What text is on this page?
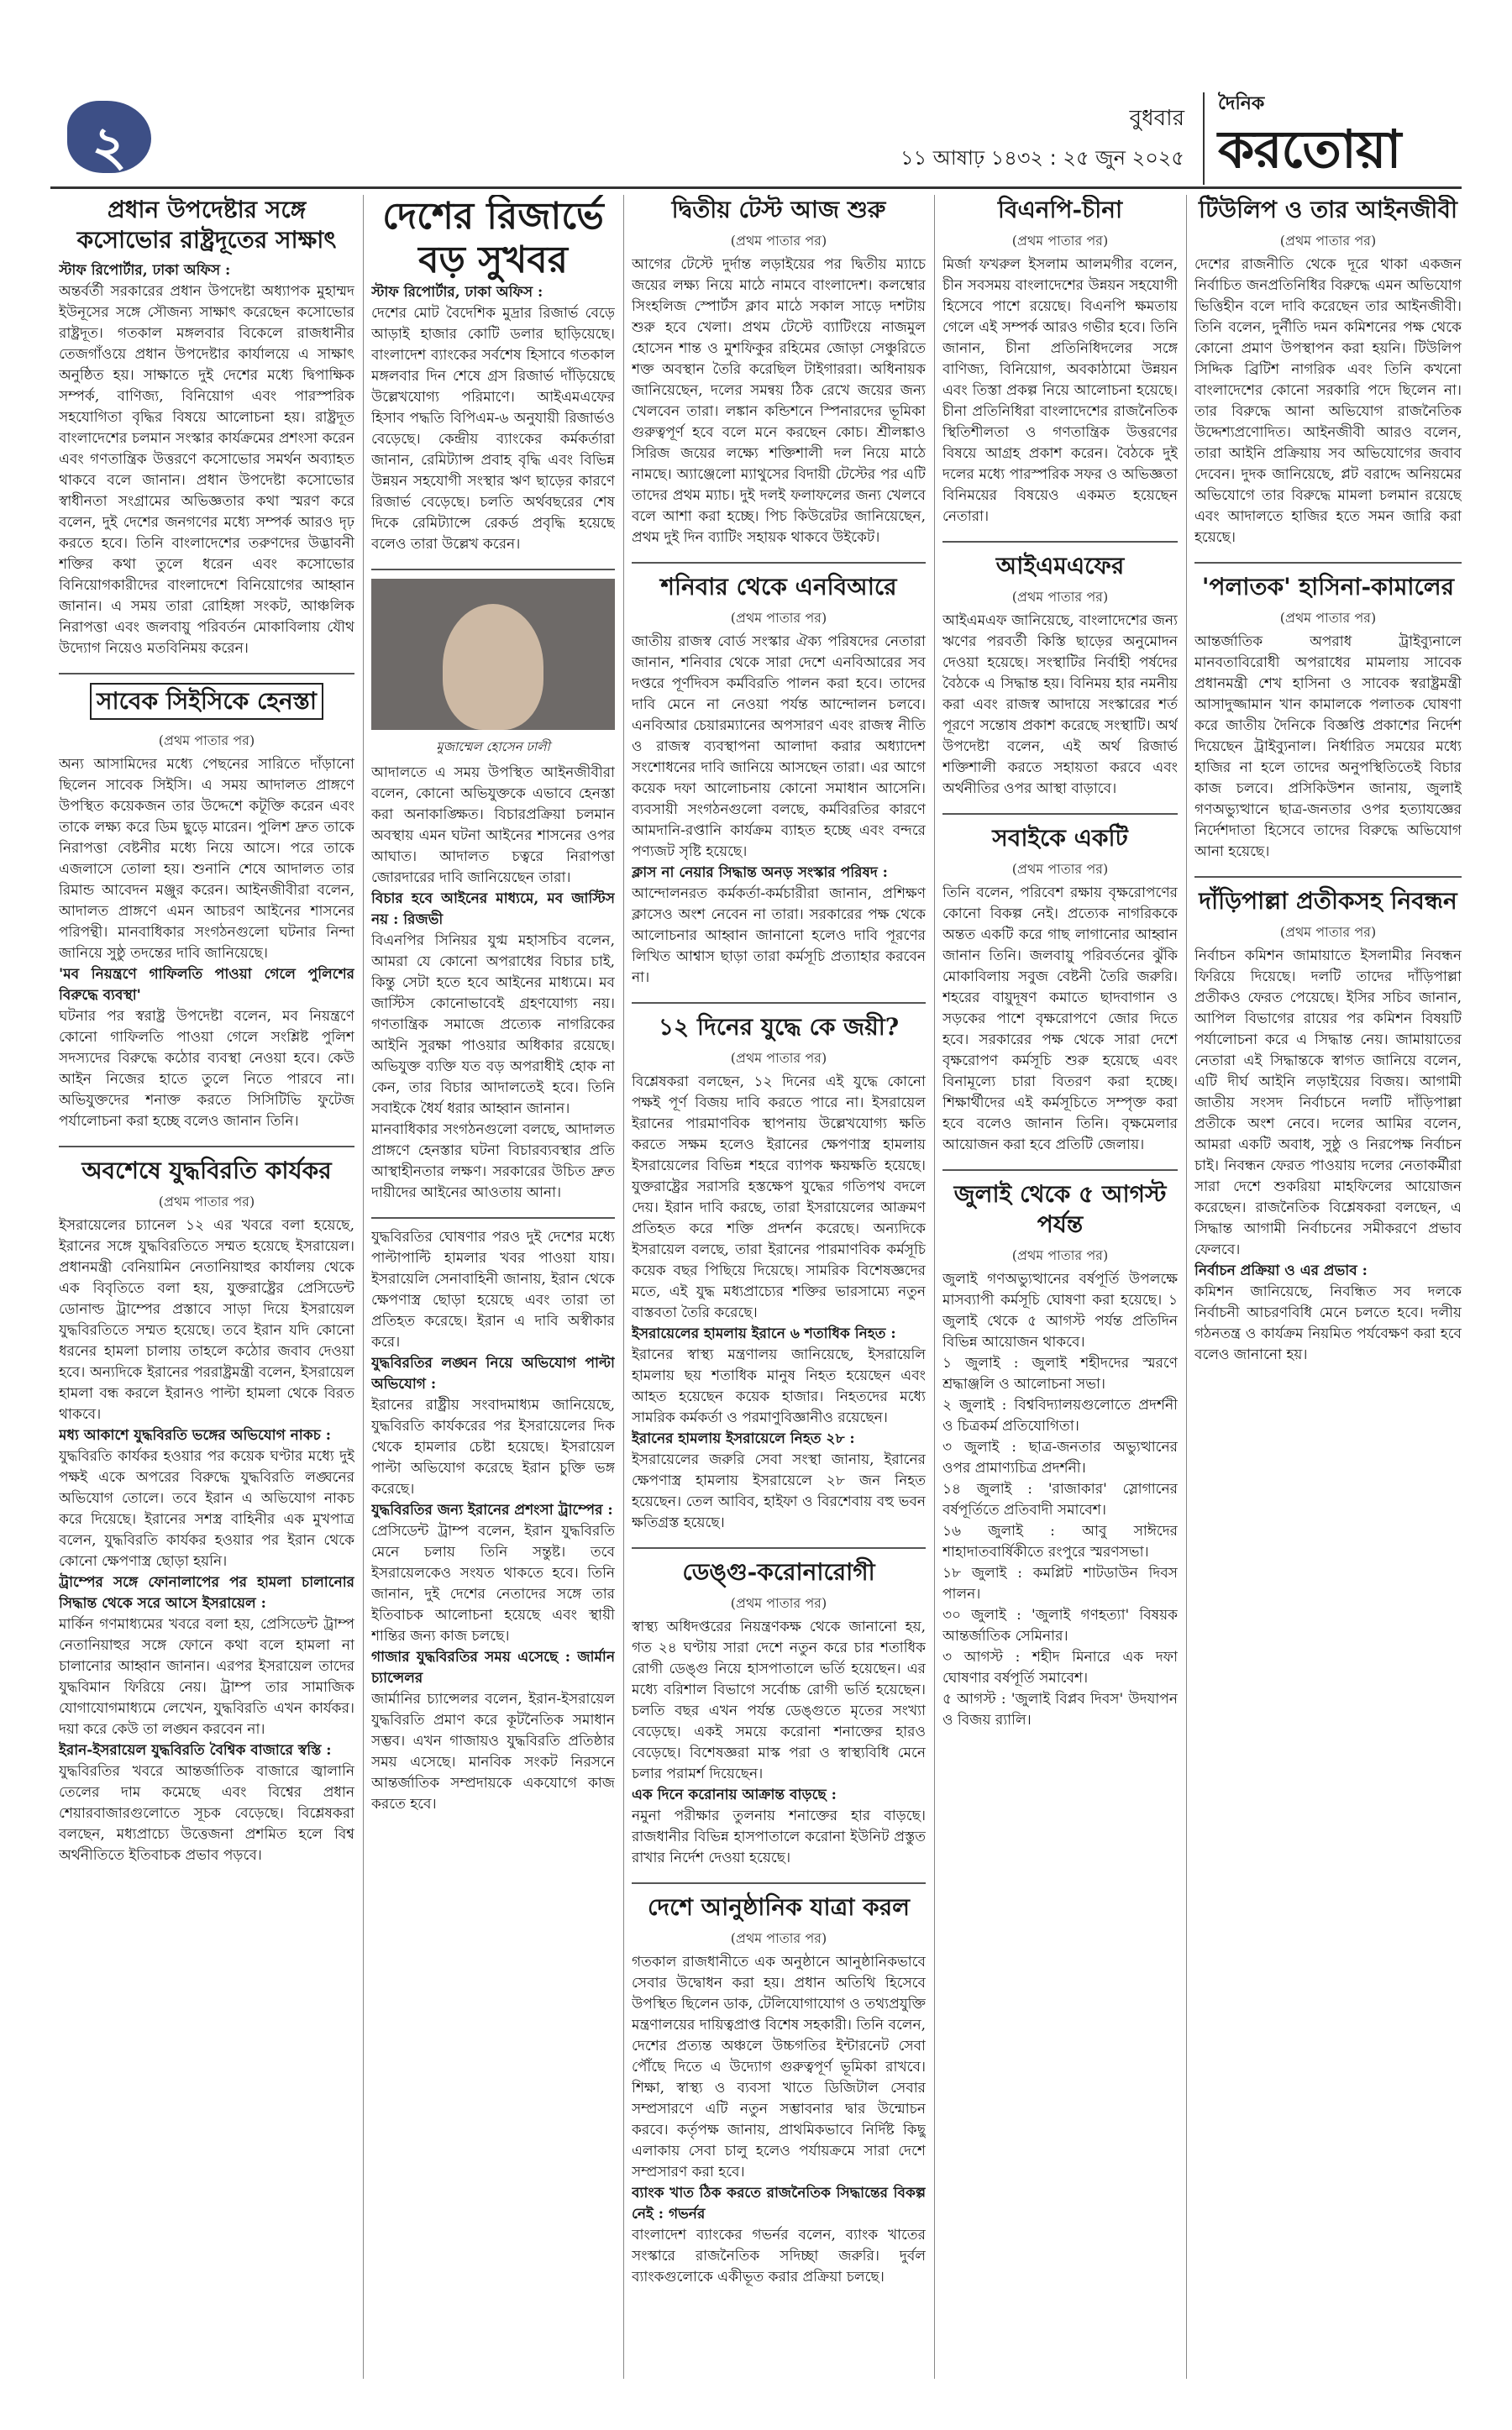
২	বুধবার
১১ আষাঢ় ১৪৩২ : ২৫ জুন ২০২৫
দৈনিক
করতোয়া
প্রধান উপদেষ্টার সঙ্গে কসোভোর রাষ্ট্রদূতের সাক্ষাৎ
স্টাফ রিপোর্টার, ঢাকা অফিস :
অন্তর্বর্তী সরকারের প্রধান উপদেষ্টা অধ্যাপক মুহাম্মদ ইউনূসের সঙ্গে সৌজন্য সাক্ষাৎ করেছেন কসোভোর রাষ্ট্রদূত। গতকাল মঙ্গলবার বিকেলে রাজধানীর তেজগাঁওয়ে প্রধান উপদেষ্টার কার্যালয়ে এ সাক্ষাৎ অনুষ্ঠিত হয়। সাক্ষাতে দুই দেশের মধ্যে দ্বিপাক্ষিক সম্পর্ক, বাণিজ্য, বিনিয়োগ এবং পারস্পরিক সহযোগিতা বৃদ্ধির বিষয়ে আলোচনা হয়। রাষ্ট্রদূত বাংলাদেশের চলমান সংস্কার কার্যক্রমের প্রশংসা করেন এবং গণতান্ত্রিক উত্তরণে কসোভোর সমর্থন অব্যাহত থাকবে বলে জানান। প্রধান উপদেষ্টা কসোভোর স্বাধীনতা সংগ্রামের অভিজ্ঞতার কথা স্মরণ করে বলেন, দুই দেশের জনগণের মধ্যে সম্পর্ক আরও দৃঢ় করতে হবে। তিনি বাংলাদেশের তরুণদের উদ্ভাবনী শক্তির কথা তুলে ধরেন এবং কসোভোর বিনিয়োগকারীদের বাংলাদেশে বিনিয়োগের আহ্বান জানান। এ সময় তারা রোহিঙ্গা সংকট, আঞ্চলিক নিরাপত্তা এবং জলবায়ু পরিবর্তন মোকাবিলায় যৌথ উদ্যোগ নিয়েও মতবিনিময় করেন।
সাবেক সিইসিকে হেনস্তা
(প্রথম পাতার পর)
অন্য আসামিদের মধ্যে পেছনের সারিতে দাঁড়ানো ছিলেন সাবেক সিইসি। এ সময় আদালত প্রাঙ্গণে উপস্থিত কয়েকজন তার উদ্দেশে কটূক্তি করেন এবং তাকে লক্ষ্য করে ডিম ছুড়ে মারেন। পুলিশ দ্রুত তাকে নিরাপত্তা বেষ্টনীর মধ্যে নিয়ে আসে। পরে তাকে এজলাসে তোলা হয়। শুনানি শেষে আদালত তার রিমান্ড আবেদন মঞ্জুর করেন। আইনজীবীরা বলেন, আদালত প্রাঙ্গণে এমন আচরণ আইনের শাসনের পরিপন্থী। মানবাধিকার সংগঠনগুলো ঘটনার নিন্দা জানিয়ে সুষ্ঠু তদন্তের দাবি জানিয়েছে।
'মব নিয়ন্ত্রণে গাফিলতি পাওয়া গেলে পুলিশের বিরুদ্ধে ব্যবস্থা'
ঘটনার পর স্বরাষ্ট্র উপদেষ্টা বলেন, মব নিয়ন্ত্রণে কোনো গাফিলতি পাওয়া গেলে সংশ্লিষ্ট পুলিশ সদস্যদের বিরুদ্ধে কঠোর ব্যবস্থা নেওয়া হবে। কেউ আইন নিজের হাতে তুলে নিতে পারবে না। অভিযুক্তদের শনাক্ত করতে সিসিটিভি ফুটেজ পর্যালোচনা করা হচ্ছে বলেও জানান তিনি।
অবশেষে যুদ্ধবিরতি কার্যকর
(প্রথম পাতার পর)
ইসরায়েলের চ্যানেল ১২ এর খবরে বলা হয়েছে, ইরানের সঙ্গে যুদ্ধবিরতিতে সম্মত হয়েছে ইসরায়েল। প্রধানমন্ত্রী বেনিয়ামিন নেতানিয়াহুর কার্যালয় থেকে এক বিবৃতিতে বলা হয়, যুক্তরাষ্ট্রের প্রেসিডেন্ট ডোনাল্ড ট্রাম্পের প্রস্তাবে সাড়া দিয়ে ইসরায়েল যুদ্ধবিরতিতে সম্মত হয়েছে। তবে ইরান যদি কোনো ধরনের হামলা চালায় তাহলে কঠোর জবাব দেওয়া হবে। অন্যদিকে ইরানের পররাষ্ট্রমন্ত্রী বলেন, ইসরায়েল হামলা বন্ধ করলে ইরানও পাল্টা হামলা থেকে বিরত থাকবে।
মধ্য আকাশে যুদ্ধবিরতি ভঙ্গের অভিযোগ নাকচ :
যুদ্ধবিরতি কার্যকর হওয়ার পর কয়েক ঘণ্টার মধ্যে দুই পক্ষই একে অপরের বিরুদ্ধে যুদ্ধবিরতি লঙ্ঘনের অভিযোগ তোলে। তবে ইরান এ অভিযোগ নাকচ করে দিয়েছে। ইরানের সশস্ত্র বাহিনীর এক মুখপাত্র বলেন, যুদ্ধবিরতি কার্যকর হওয়ার পর ইরান থেকে কোনো ক্ষেপণাস্ত্র ছোড়া হয়নি।
ট্রাম্পের সঙ্গে ফোনালাপের পর হামলা চালানোর সিদ্ধান্ত থেকে সরে আসে ইসরায়েল :
মার্কিন গণমাধ্যমের খবরে বলা হয়, প্রেসিডেন্ট ট্রাম্প নেতানিয়াহুর সঙ্গে ফোনে কথা বলে হামলা না চালানোর আহ্বান জানান। এরপর ইসরায়েল তাদের যুদ্ধবিমান ফিরিয়ে নেয়। ট্রাম্প তার সামাজিক যোগাযোগমাধ্যমে লেখেন, যুদ্ধবিরতি এখন কার্যকর। দয়া করে কেউ তা লঙ্ঘন করবেন না।
ইরান-ইসরায়েল যুদ্ধবিরতি বৈশ্বিক বাজারে স্বস্তি :
যুদ্ধবিরতির খবরে আন্তর্জাতিক বাজারে জ্বালানি তেলের দাম কমেছে এবং বিশ্বের প্রধান শেয়ারবাজারগুলোতে সূচক বেড়েছে। বিশ্লেষকরা বলছেন, মধ্যপ্রাচ্যে উত্তেজনা প্রশমিত হলে বিশ্ব অর্থনীতিতে ইতিবাচক প্রভাব পড়বে।
দেশের রিজার্ভে বড় সুখবর
স্টাফ রিপোর্টার, ঢাকা অফিস :
দেশের মোট বৈদেশিক মুদ্রার রিজার্ভ বেড়ে আড়াই হাজার কোটি ডলার ছাড়িয়েছে। বাংলাদেশ ব্যাংকের সর্বশেষ হিসাবে গতকাল মঙ্গলবার দিন শেষে গ্রস রিজার্ভ দাঁড়িয়েছে উল্লেখযোগ্য পরিমাণে। আইএমএফের হিসাব পদ্ধতি বিপিএম-৬ অনুযায়ী রিজার্ভও বেড়েছে। কেন্দ্রীয় ব্যাংকের কর্মকর্তারা জানান, রেমিট্যান্স প্রবাহ বৃদ্ধি এবং বিভিন্ন উন্নয়ন সহযোগী সংস্থার ঋণ ছাড়ের কারণে রিজার্ভ বেড়েছে। চলতি অর্থবছরের শেষ দিকে রেমিট্যান্সে রেকর্ড প্রবৃদ্ধি হয়েছে বলেও তারা উল্লেখ করেন।
মুজাম্মেল হোসেন ঢালী
আদালতে এ সময় উপস্থিত আইনজীবীরা বলেন, কোনো অভিযুক্তকে এভাবে হেনস্তা করা অনাকাঙ্ক্ষিত। বিচারপ্রক্রিয়া চলমান অবস্থায় এমন ঘটনা আইনের শাসনের ওপর আঘাত। আদালত চত্বরে নিরাপত্তা জোরদারের দাবি জানিয়েছেন তারা।
বিচার হবে আইনের মাধ্যমে, মব জাস্টিস নয় : রিজভী
বিএনপির সিনিয়র যুগ্ম মহাসচিব বলেন, আমরা যে কোনো অপরাধের বিচার চাই, কিন্তু সেটা হতে হবে আইনের মাধ্যমে। মব জাস্টিস কোনোভাবেই গ্রহণযোগ্য নয়। গণতান্ত্রিক সমাজে প্রত্যেক নাগরিকের আইনি সুরক্ষা পাওয়ার অধিকার রয়েছে। অভিযুক্ত ব্যক্তি যত বড় অপরাধীই হোক না কেন, তার বিচার আদালতেই হবে। তিনি সবাইকে ধৈর্য ধরার আহ্বান জানান।
মানবাধিকার সংগঠনগুলো বলছে, আদালত প্রাঙ্গণে হেনস্তার ঘটনা বিচারব্যবস্থার প্রতি আস্থাহীনতার লক্ষণ। সরকারের উচিত দ্রুত দায়ীদের আইনের আওতায় আনা।
যুদ্ধবিরতির ঘোষণার পরও দুই দেশের মধ্যে পাল্টাপাল্টি হামলার খবর পাওয়া যায়। ইসরায়েলি সেনাবাহিনী জানায়, ইরান থেকে ক্ষেপণাস্ত্র ছোড়া হয়েছে এবং তারা তা প্রতিহত করেছে। ইরান এ দাবি অস্বীকার করে।
যুদ্ধবিরতির লঙ্ঘন নিয়ে অভিযোগ পাল্টা অভিযোগ :
ইরানের রাষ্ট্রীয় সংবাদমাধ্যম জানিয়েছে, যুদ্ধবিরতি কার্যকরের পর ইসরায়েলের দিক থেকে হামলার চেষ্টা হয়েছে। ইসরায়েল পাল্টা অভিযোগ করেছে ইরান চুক্তি ভঙ্গ করেছে।
যুদ্ধবিরতির জন্য ইরানের প্রশংসা ট্রাম্পের :
প্রেসিডেন্ট ট্রাম্প বলেন, ইরান যুদ্ধবিরতি মেনে চলায় তিনি সন্তুষ্ট। তবে ইসরায়েলকেও সংযত থাকতে হবে। তিনি জানান, দুই দেশের নেতাদের সঙ্গে তার ইতিবাচক আলোচনা হয়েছে এবং স্থায়ী শান্তির জন্য কাজ চলছে।
গাজার যুদ্ধবিরতির সময় এসেছে : জার্মান চ্যান্সেলর
জার্মানির চ্যান্সেলর বলেন, ইরান-ইসরায়েল যুদ্ধবিরতি প্রমাণ করে কূটনৈতিক সমাধান সম্ভব। এখন গাজায়ও যুদ্ধবিরতি প্রতিষ্ঠার সময় এসেছে। মানবিক সংকট নিরসনে আন্তর্জাতিক সম্প্রদায়কে একযোগে কাজ করতে হবে।
দ্বিতীয় টেস্ট আজ শুরু
(প্রথম পাতার পর)
আগের টেস্টে দুর্দান্ত লড়াইয়ের পর দ্বিতীয় ম্যাচে জয়ের লক্ষ্য নিয়ে মাঠে নামবে বাংলাদেশ। কলম্বোর সিংহলিজ স্পোর্টস ক্লাব মাঠে সকাল সাড়ে দশটায় শুরু হবে খেলা। প্রথম টেস্টে ব্যাটিংয়ে নাজমুল হোসেন শান্ত ও মুশফিকুর রহিমের জোড়া সেঞ্চুরিতে শক্ত অবস্থান তৈরি করেছিল টাইগাররা। অধিনায়ক জানিয়েছেন, দলের সমন্বয় ঠিক রেখে জয়ের জন্য খেলবেন তারা। লঙ্কান কন্ডিশনে স্পিনারদের ভূমিকা গুরুত্বপূর্ণ হবে বলে মনে করছেন কোচ। শ্রীলঙ্কাও সিরিজ জয়ের লক্ষ্যে শক্তিশালী দল নিয়ে মাঠে নামছে। অ্যাঞ্জেলো ম্যাথুসের বিদায়ী টেস্টের পর এটি তাদের প্রথম ম্যাচ। দুই দলই ফলাফলের জন্য খেলবে বলে আশা করা হচ্ছে। পিচ কিউরেটর জানিয়েছেন, প্রথম দুই দিন ব্যাটিং সহায়ক থাকবে উইকেট।
শনিবার থেকে এনবিআরে
(প্রথম পাতার পর)
জাতীয় রাজস্ব বোর্ড সংস্কার ঐক্য পরিষদের নেতারা জানান, শনিবার থেকে সারা দেশে এনবিআরের সব দপ্তরে পূর্ণদিবস কর্মবিরতি পালন করা হবে। তাদের দাবি মেনে না নেওয়া পর্যন্ত আন্দোলন চলবে। এনবিআর চেয়ারম্যানের অপসারণ এবং রাজস্ব নীতি ও রাজস্ব ব্যবস্থাপনা আলাদা করার অধ্যাদেশ সংশোধনের দাবি জানিয়ে আসছেন তারা। এর আগে কয়েক দফা আলোচনায় কোনো সমাধান আসেনি। ব্যবসায়ী সংগঠনগুলো বলছে, কর্মবিরতির কারণে আমদানি-রপ্তানি কার্যক্রম ব্যাহত হচ্ছে এবং বন্দরে পণ্যজট সৃষ্টি হয়েছে।
ক্লাস না নেয়ার সিদ্ধান্ত অনড় সংস্কার পরিষদ :
আন্দোলনরত কর্মকর্তা-কর্মচারীরা জানান, প্রশিক্ষণ ক্লাসেও অংশ নেবেন না তারা। সরকারের পক্ষ থেকে আলোচনার আহ্বান জানানো হলেও দাবি পূরণের লিখিত আশ্বাস ছাড়া তারা কর্মসূচি প্রত্যাহার করবেন না।
১২ দিনের যুদ্ধে কে জয়ী?
(প্রথম পাতার পর)
বিশ্লেষকরা বলছেন, ১২ দিনের এই যুদ্ধে কোনো পক্ষই পূর্ণ বিজয় দাবি করতে পারে না। ইসরায়েল ইরানের পারমাণবিক স্থাপনায় উল্লেখযোগ্য ক্ষতি করতে সক্ষম হলেও ইরানের ক্ষেপণাস্ত্র হামলায় ইসরায়েলের বিভিন্ন শহরে ব্যাপক ক্ষয়ক্ষতি হয়েছে। যুক্তরাষ্ট্রের সরাসরি হস্তক্ষেপ যুদ্ধের গতিপথ বদলে দেয়। ইরান দাবি করছে, তারা ইসরায়েলের আক্রমণ প্রতিহত করে শক্তি প্রদর্শন করেছে। অন্যদিকে ইসরায়েল বলছে, তারা ইরানের পারমাণবিক কর্মসূচি কয়েক বছর পিছিয়ে দিয়েছে। সামরিক বিশেষজ্ঞদের মতে, এই যুদ্ধ মধ্যপ্রাচ্যের শক্তির ভারসাম্যে নতুন বাস্তবতা তৈরি করেছে।
ইসরায়েলের হামলায় ইরানে ৬ শতাধিক নিহত :
ইরানের স্বাস্থ্য মন্ত্রণালয় জানিয়েছে, ইসরায়েলি হামলায় ছয় শতাধিক মানুষ নিহত হয়েছেন এবং আহত হয়েছেন কয়েক হাজার। নিহতদের মধ্যে সামরিক কর্মকর্তা ও পরমাণুবিজ্ঞানীও রয়েছেন।
ইরানের হামলায় ইসরায়েলে নিহত ২৮ :
ইসরায়েলের জরুরি সেবা সংস্থা জানায়, ইরানের ক্ষেপণাস্ত্র হামলায় ইসরায়েলে ২৮ জন নিহত হয়েছেন। তেল আবিব, হাইফা ও বিরশেবায় বহু ভবন ক্ষতিগ্রস্ত হয়েছে।
ডেঙ্গু-করোনারোগী
(প্রথম পাতার পর)
স্বাস্থ্য অধিদপ্তরের নিয়ন্ত্রণকক্ষ থেকে জানানো হয়, গত ২৪ ঘণ্টায় সারা দেশে নতুন করে চার শতাধিক রোগী ডেঙ্গু নিয়ে হাসপাতালে ভর্তি হয়েছেন। এর মধ্যে বরিশাল বিভাগে সর্বোচ্চ রোগী ভর্তি হয়েছেন। চলতি বছর এখন পর্যন্ত ডেঙ্গুতে মৃতের সংখ্যা বেড়েছে। একই সময়ে করোনা শনাক্তের হারও বেড়েছে। বিশেষজ্ঞরা মাস্ক পরা ও স্বাস্থ্যবিধি মেনে চলার পরামর্শ দিয়েছেন।
এক দিনে করোনায় আক্রান্ত বাড়ছে :
নমুনা পরীক্ষার তুলনায় শনাক্তের হার বাড়ছে। রাজধানীর বিভিন্ন হাসপাতালে করোনা ইউনিট প্রস্তুত রাখার নির্দেশ দেওয়া হয়েছে।
দেশে আনুষ্ঠানিক যাত্রা করল
(প্রথম পাতার পর)
গতকাল রাজধানীতে এক অনুষ্ঠানে আনুষ্ঠানিকভাবে সেবার উদ্বোধন করা হয়। প্রধান অতিথি হিসেবে উপস্থিত ছিলেন ডাক, টেলিযোগাযোগ ও তথ্যপ্রযুক্তি মন্ত্রণালয়ের দায়িত্বপ্রাপ্ত বিশেষ সহকারী। তিনি বলেন, দেশের প্রত্যন্ত অঞ্চলে উচ্চগতির ইন্টারনেট সেবা পৌঁছে দিতে এ উদ্যোগ গুরুত্বপূর্ণ ভূমিকা রাখবে। শিক্ষা, স্বাস্থ্য ও ব্যবসা খাতে ডিজিটাল সেবার সম্প্রসারণে এটি নতুন সম্ভাবনার দ্বার উন্মোচন করবে। কর্তৃপক্ষ জানায়, প্রাথমিকভাবে নির্দিষ্ট কিছু এলাকায় সেবা চালু হলেও পর্যায়ক্রমে সারা দেশে সম্প্রসারণ করা হবে।
ব্যাংক খাত ঠিক করতে রাজনৈতিক সিদ্ধান্তের বিকল্প নেই : গভর্নর
বাংলাদেশ ব্যাংকের গভর্নর বলেন, ব্যাংক খাতের সংস্কারে রাজনৈতিক সদিচ্ছা জরুরি। দুর্বল ব্যাংকগুলোকে একীভূত করার প্রক্রিয়া চলছে।
বিএনপি-চীনা
(প্রথম পাতার পর)
মির্জা ফখরুল ইসলাম আলমগীর বলেন, চীন সবসময় বাংলাদেশের উন্নয়ন সহযোগী হিসেবে পাশে রয়েছে। বিএনপি ক্ষমতায় গেলে এই সম্পর্ক আরও গভীর হবে। তিনি জানান, চীনা প্রতিনিধিদলের সঙ্গে বাণিজ্য, বিনিয়োগ, অবকাঠামো উন্নয়ন এবং তিস্তা প্রকল্প নিয়ে আলোচনা হয়েছে। চীনা প্রতিনিধিরা বাংলাদেশের রাজনৈতিক স্থিতিশীলতা ও গণতান্ত্রিক উত্তরণের বিষয়ে আগ্রহ প্রকাশ করেন। বৈঠকে দুই দলের মধ্যে পারস্পরিক সফর ও অভিজ্ঞতা বিনিময়ের বিষয়েও একমত হয়েছেন নেতারা।
আইএমএফের
(প্রথম পাতার পর)
আইএমএফ জানিয়েছে, বাংলাদেশের জন্য ঋণের পরবর্তী কিস্তি ছাড়ের অনুমোদন দেওয়া হয়েছে। সংস্থাটির নির্বাহী পর্ষদের বৈঠকে এ সিদ্ধান্ত হয়। বিনিময় হার নমনীয় করা এবং রাজস্ব আদায়ে সংস্কারের শর্ত পূরণে সন্তোষ প্রকাশ করেছে সংস্থাটি। অর্থ উপদেষ্টা বলেন, এই অর্থ রিজার্ভ শক্তিশালী করতে সহায়তা করবে এবং অর্থনীতির ওপর আস্থা বাড়াবে।
সবাইকে একটি
(প্রথম পাতার পর)
তিনি বলেন, পরিবেশ রক্ষায় বৃক্ষরোপণের কোনো বিকল্প নেই। প্রত্যেক নাগরিককে অন্তত একটি করে গাছ লাগানোর আহ্বান জানান তিনি। জলবায়ু পরিবর্তনের ঝুঁকি মোকাবিলায় সবুজ বেষ্টনী তৈরি জরুরি। শহরের বায়ুদূষণ কমাতে ছাদবাগান ও সড়কের পাশে বৃক্ষরোপণে জোর দিতে হবে। সরকারের পক্ষ থেকে সারা দেশে বৃক্ষরোপণ কর্মসূচি শুরু হয়েছে এবং বিনামূল্যে চারা বিতরণ করা হচ্ছে। শিক্ষার্থীদের এই কর্মসূচিতে সম্পৃক্ত করা হবে বলেও জানান তিনি। বৃক্ষমেলার আয়োজন করা হবে প্রতিটি জেলায়।
জুলাই থেকে ৫ আগস্ট পর্যন্ত
(প্রথম পাতার পর)
জুলাই গণঅভ্যুত্থানের বর্ষপূর্তি উপলক্ষে মাসব্যাপী কর্মসূচি ঘোষণা করা হয়েছে। ১ জুলাই থেকে ৫ আগস্ট পর্যন্ত প্রতিদিন বিভিন্ন আয়োজন থাকবে।
১ জুলাই : জুলাই শহীদদের স্মরণে শ্রদ্ধাঞ্জলি ও আলোচনা সভা।
২ জুলাই : বিশ্ববিদ্যালয়গুলোতে প্রদর্শনী ও চিত্রকর্ম প্রতিযোগিতা।
৩ জুলাই : ছাত্র-জনতার অভ্যুত্থানের ওপর প্রামাণ্যচিত্র প্রদর্শনী।
১৪ জুলাই : 'রাজাকার' স্লোগানের বর্ষপূর্তিতে প্রতিবাদী সমাবেশ।
১৬ জুলাই : আবু সাঈদের শাহাদাতবার্ষিকীতে রংপুরে স্মরণসভা।
১৮ জুলাই : কমপ্লিট শাটডাউন দিবস পালন।
৩০ জুলাই : 'জুলাই গণহত্যা' বিষয়ক আন্তর্জাতিক সেমিনার।
৩ আগস্ট : শহীদ মিনারে এক দফা ঘোষণার বর্ষপূর্তি সমাবেশ।
৫ আগস্ট : 'জুলাই বিপ্লব দিবস' উদযাপন ও বিজয় র‍্যালি।
টিউলিপ ও তার আইনজীবী
(প্রথম পাতার পর)
দেশের রাজনীতি থেকে দূরে থাকা একজন নির্বাচিত জনপ্রতিনিধির বিরুদ্ধে এমন অভিযোগ ভিত্তিহীন বলে দাবি করেছেন তার আইনজীবী। তিনি বলেন, দুর্নীতি দমন কমিশনের পক্ষ থেকে কোনো প্রমাণ উপস্থাপন করা হয়নি। টিউলিপ সিদ্দিক ব্রিটিশ নাগরিক এবং তিনি কখনো বাংলাদেশের কোনো সরকারি পদে ছিলেন না। তার বিরুদ্ধে আনা অভিযোগ রাজনৈতিক উদ্দেশ্যপ্রণোদিত। আইনজীবী আরও বলেন, তারা আইনি প্রক্রিয়ায় সব অভিযোগের জবাব দেবেন। দুদক জানিয়েছে, প্লট বরাদ্দে অনিয়মের অভিযোগে তার বিরুদ্ধে মামলা চলমান রয়েছে এবং আদালতে হাজির হতে সমন জারি করা হয়েছে।
'পলাতক' হাসিনা-কামালের
(প্রথম পাতার পর)
আন্তর্জাতিক অপরাধ ট্রাইব্যুনালে মানবতাবিরোধী অপরাধের মামলায় সাবেক প্রধানমন্ত্রী শেখ হাসিনা ও সাবেক স্বরাষ্ট্রমন্ত্রী আসাদুজ্জামান খান কামালকে পলাতক ঘোষণা করে জাতীয় দৈনিকে বিজ্ঞপ্তি প্রকাশের নির্দেশ দিয়েছেন ট্রাইব্যুনাল। নির্ধারিত সময়ের মধ্যে হাজির না হলে তাদের অনুপস্থিতিতেই বিচার কাজ চলবে। প্রসিকিউশন জানায়, জুলাই গণঅভ্যুত্থানে ছাত্র-জনতার ওপর হত্যাযজ্ঞের নির্দেশদাতা হিসেবে তাদের বিরুদ্ধে অভিযোগ আনা হয়েছে।
দাঁড়িপাল্লা প্রতীকসহ নিবন্ধন
(প্রথম পাতার পর)
নির্বাচন কমিশন জামায়াতে ইসলামীর নিবন্ধন ফিরিয়ে দিয়েছে। দলটি তাদের দাঁড়িপাল্লা প্রতীকও ফেরত পেয়েছে। ইসির সচিব জানান, আপিল বিভাগের রায়ের পর কমিশন বিষয়টি পর্যালোচনা করে এ সিদ্ধান্ত নেয়। জামায়াতের নেতারা এই সিদ্ধান্তকে স্বাগত জানিয়ে বলেন, এটি দীর্ঘ আইনি লড়াইয়ের বিজয়। আগামী জাতীয় সংসদ নির্বাচনে দলটি দাঁড়িপাল্লা প্রতীকে অংশ নেবে। দলের আমির বলেন, আমরা একটি অবাধ, সুষ্ঠু ও নিরপেক্ষ নির্বাচন চাই। নিবন্ধন ফেরত পাওয়ায় দলের নেতাকর্মীরা সারা দেশে শুকরিয়া মাহফিলের আয়োজন করেছেন। রাজনৈতিক বিশ্লেষকরা বলছেন, এ সিদ্ধান্ত আগামী নির্বাচনের সমীকরণে প্রভাব ফেলবে।
নির্বাচন প্রক্রিয়া ও এর প্রভাব :
কমিশন জানিয়েছে, নিবন্ধিত সব দলকে নির্বাচনী আচরণবিধি মেনে চলতে হবে। দলীয় গঠনতন্ত্র ও কার্যক্রম নিয়মিত পর্যবেক্ষণ করা হবে বলেও জানানো হয়।
